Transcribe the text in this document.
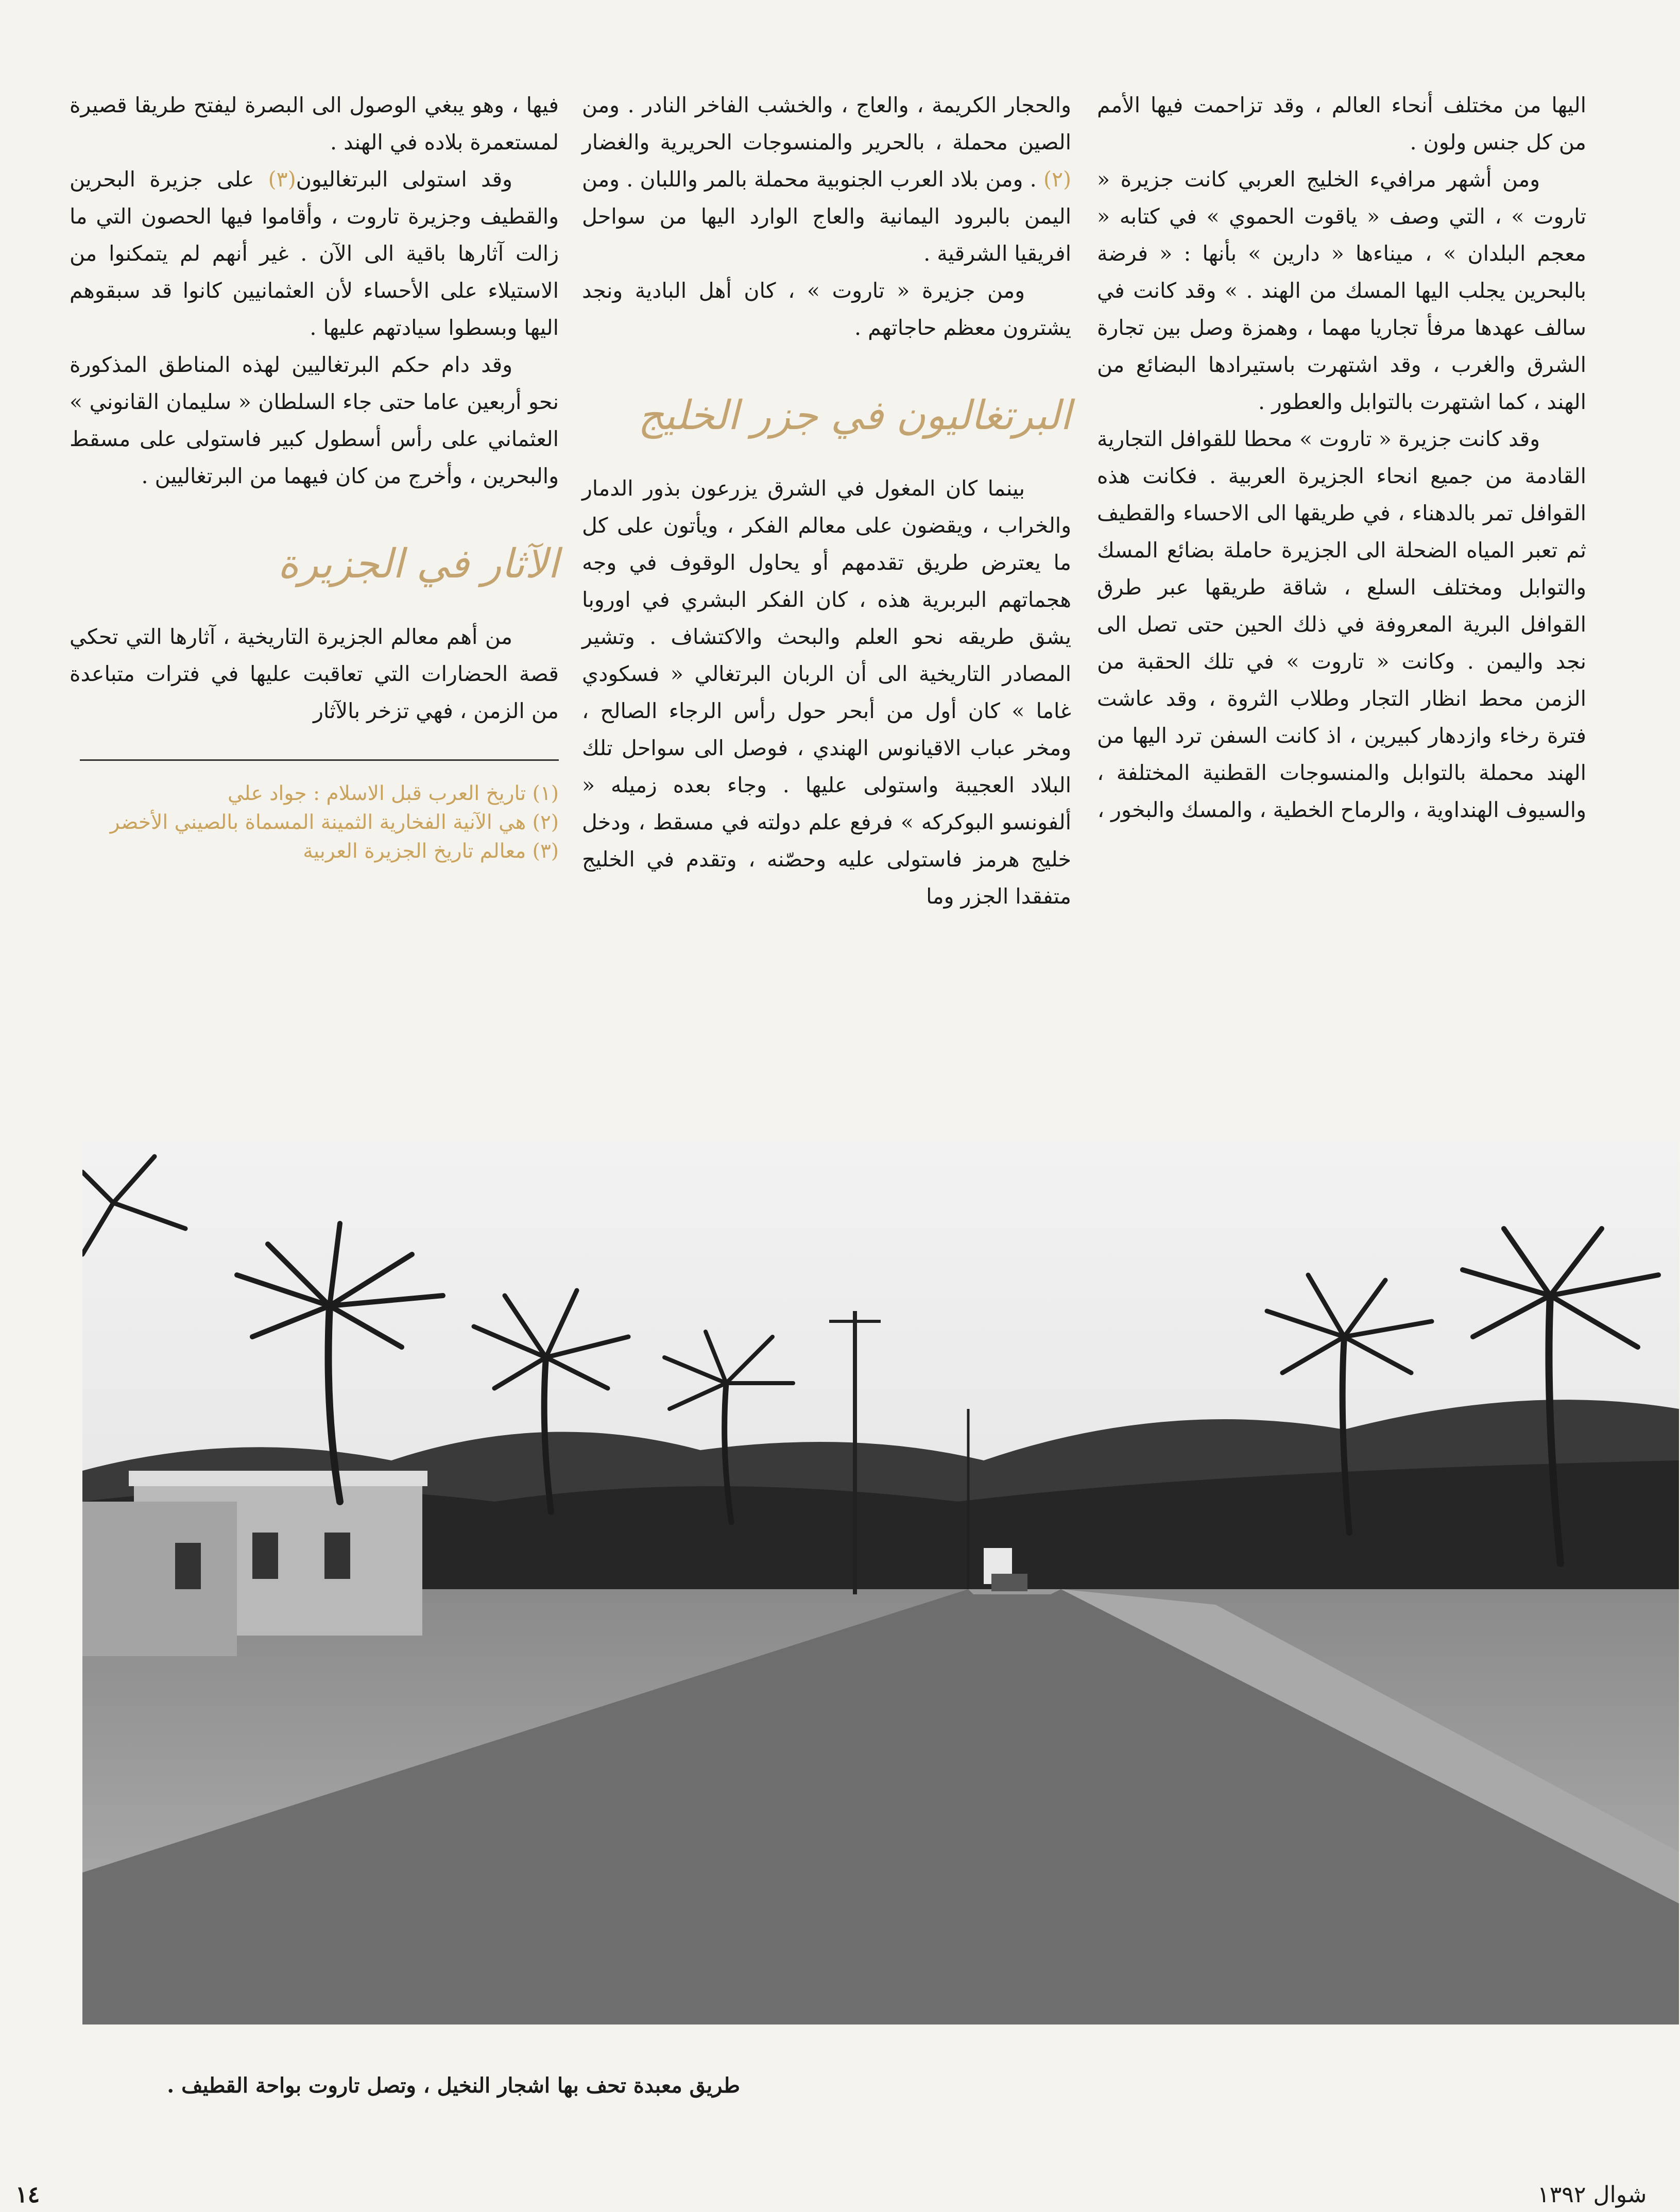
اليها من مختلف أنحاء العالم ، وقد تزاحمت فيها الأمم من كل جنس ولون .

ومن أشهر مرافيء الخليج العربي كانت جزيرة « تاروت » ، التي وصف « ياقوت الحموي » في كتابه « معجم البلدان » ، ميناءها « دارين » بأنها : « فرضة بالبحرين يجلب اليها المسك من الهند . » وقد كانت في سالف عهدها مرفأ تجاريا مهما ، وهمزة وصل بين تجارة الشرق والغرب ، وقد اشتهرت باستيرادها البضائع من الهند ، كما اشتهرت بالتوابل والعطور .

وقد كانت جزيرة « تاروت » محطا للقوافل التجارية القادمة من جميع انحاء الجزيرة العربية . فكانت هذه القوافل تمر بالدهناء ، في طريقها الى الاحساء والقطيف ثم تعبر المياه الضحلة الى الجزيرة حاملة بضائع المسك والتوابل ومختلف السلع ، شاقة طريقها عبر طرق القوافل البرية المعروفة في ذلك الحين حتى تصل الى نجد واليمن . وكانت « تاروت » في تلك الحقبة من الزمن محط انظار التجار وطلاب الثروة ، وقد عاشت فترة رخاء وازدهار كبيرين ، اذ كانت السفن ترد اليها من الهند محملة بالتوابل والمنسوجات القطنية المختلفة ، والسيوف الهنداوية ، والرماح الخطية ، والمسك والبخور ،

والحجار الكريمة ، والعاج ، والخشب الفاخر النادر . ومن الصين محملة ، بالحرير والمنسوجات الحريرية والغضار (٢) . ومن بلاد العرب الجنوبية محملة بالمر واللبان . ومن اليمن بالبرود اليمانية والعاج الوارد اليها من سواحل افريقيا الشرقية .

ومن جزيرة « تاروت » ، كان أهل البادية ونجد يشترون معظم حاجاتهم .

البرتغاليون في جزر الخليج

بينما كان المغول في الشرق يزرعون بذور الدمار والخراب ، ويقضون على معالم الفكر ، ويأتون على كل ما يعترض طريق تقدمهم أو يحاول الوقوف في وجه هجماتهم البربرية هذه ، كان الفكر البشري في اوروبا يشق طريقه نحو العلم والبحث والاكتشاف . وتشير المصادر التاريخية الى أن الربان البرتغالي « فسكودي غاما » كان أول من أبحر حول رأس الرجاء الصالح ، ومخر عباب الاقيانوس الهندي ، فوصل الى سواحل تلك البلاد العجيبة واستولى عليها . وجاء بعده زميله « ألفونسو البوكركه » فرفع علم دولته في مسقط ، ودخل خليج هرمز فاستولى عليه وحصّنه ، وتقدم في الخليج متفقدا الجزر وما

فيها ، وهو يبغي الوصول الى البصرة ليفتح طريقا قصيرة لمستعمرة بلاده في الهند .

وقد استولى البرتغاليون(٣) على جزيرة البحرين والقطيف وجزيرة تاروت ، وأقاموا فيها الحصون التي ما زالت آثارها باقية الى الآن . غير أنهم لم يتمكنوا من الاستيلاء على الأحساء لأن العثمانيين كانوا قد سبقوهم اليها وبسطوا سيادتهم عليها .

وقد دام حكم البرتغاليين لهذه المناطق المذكورة نحو أربعين عاما حتى جاء السلطان « سليمان القانوني » العثماني على رأس أسطول كبير فاستولى على مسقط والبحرين ، وأخرج من كان فيهما من البرتغاليين .

الآثار في الجزيرة

من أهم معالم الجزيرة التاريخية ، آثارها التي تحكي قصة الحضارات التي تعاقبت عليها في فترات متباعدة من الزمن ، فهي تزخر بالآثار

(١) تاريخ العرب قبل الاسلام : جواد علي
(٢) هي الآنية الفخارية الثمينة المسماة بالصيني الأخضر
(٣) معالم تاريخ الجزيرة العربية
طريق معبدة تحف بها اشجار النخيل ، وتصل تاروت بواحة القطيف .
١٤	شوال ١٣٩٢
